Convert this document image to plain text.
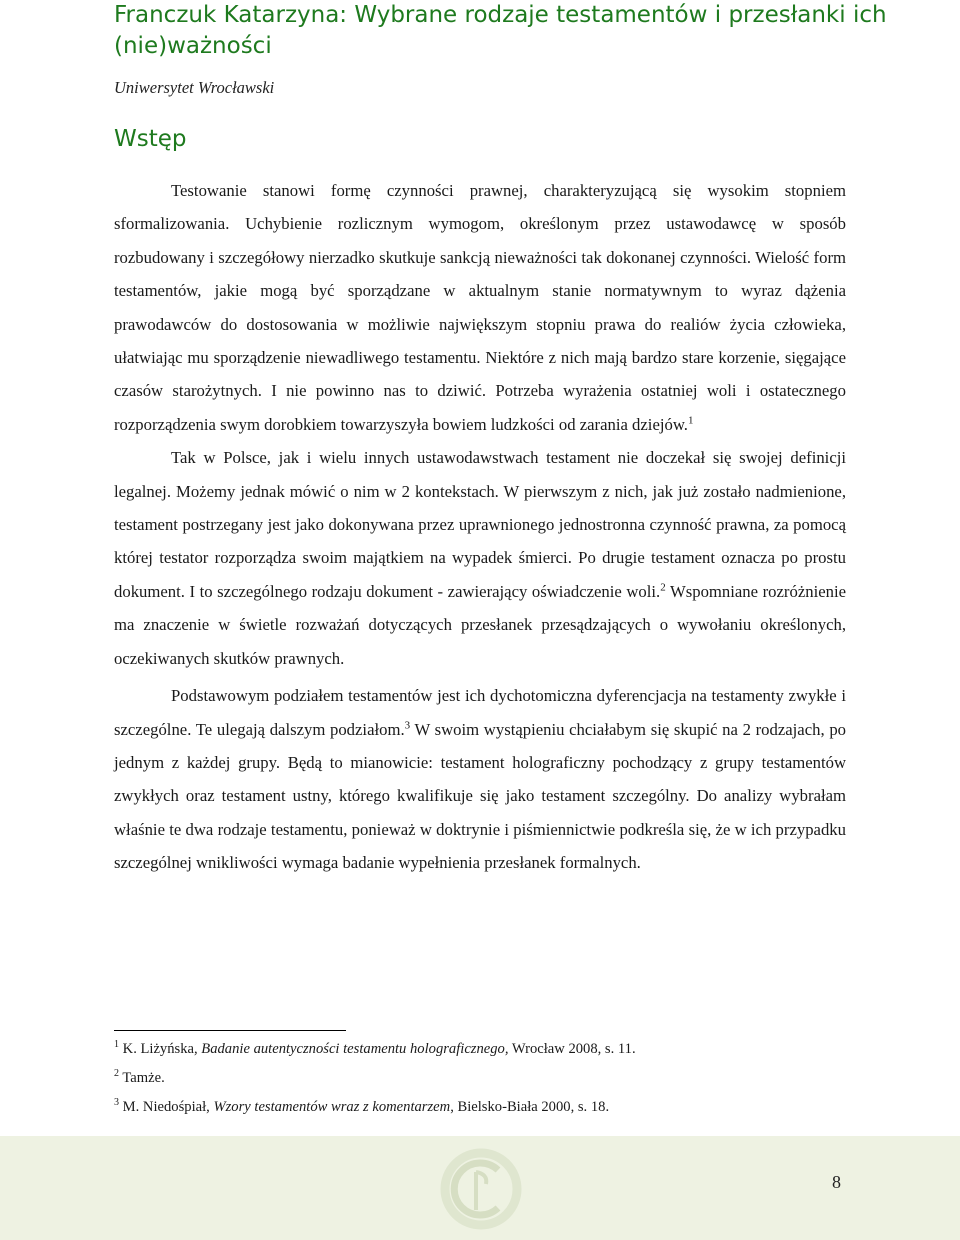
Franczuk Katarzyna: Wybrane rodzaje testamentów i przesłanki ich (nie)ważności
Uniwersytet Wrocławski
Wstęp

Testowanie stanowi formę czynności prawnej, charakteryzującą się wysokim stopniem sformalizowania. Uchybienie rozlicznym wymogom, określonym przez ustawodawcę w sposób rozbudowany i szczegółowy nierzadko skutkuje sankcją nieważności tak dokonanej czynności. Wielość form testamentów, jakie mogą być sporządzane w aktualnym stanie normatywnym to wyraz dążenia prawodawców do dostosowania w możliwie największym stopniu prawa do realiów życia człowieka, ułatwiając mu sporządzenie niewadliwego testamentu. Niektóre z nich mają bardzo stare korzenie, sięgające czasów starożytnych. I nie powinno nas to dziwić. Potrzeba wyrażenia ostatniej woli i ostatecznego rozporządzenia swym dorobkiem towarzyszyła bowiem ludzkości od zarania dziejów.$^1$

Tak w Polsce, jak i wielu innych ustawodawstwach testament nie doczekał się swojej definicji legalnej. Możemy jednak mówić o nim w 2 kontekstach. W pierwszym z nich, jak już zostało nadmienione, testament postrzegany jest jako dokonywana przez uprawnionego jednostronna czynność prawna, za pomocą której testator rozporządza swoim majątkiem na wypadek śmierci. Po drugie testament oznacza po prostu dokument. I to szczególnego rodzaju dokument - zawierający oświadczenie woli.$^2$ Wspomniane rozróżnienie ma znaczenie w świetle rozważań dotyczących przesłanek przesądzających o wywołaniu określonych, oczekiwanych skutków prawnych.

Podstawowym podziałem testamentów jest ich dychotomiczna dyferencjacja na testamenty zwykłe i szczególne. Te ulegają dalszym podziałom.$^3$ W swoim wystąpieniu chciałabym się skupić na 2 rodzajach, po jednym z każdej grupy. Będą to mianowicie: testament holograficzny pochodzący z grupy testamentów zwykłych oraz testament ustny, którego kwalifikuje się jako testament szczególny. Do analizy wybrałam właśnie te dwa rodzaje testamentu, ponieważ w doktrynie i piśmiennictwie podkreśla się, że w ich przypadku szczególnej wnikliwości wymaga badanie wypełnienia przesłanek formalnych.

$^1$ K. Liżyńska, Badanie autentyczności testamentu holograficznego, Wrocław 2008, s. 11.

$^2$ Tamże.

$^3$ M. Niedośpiał, Wzory testamentów wraz z komentarzem, Bielsko-Biała 2000, s. 18.

8
